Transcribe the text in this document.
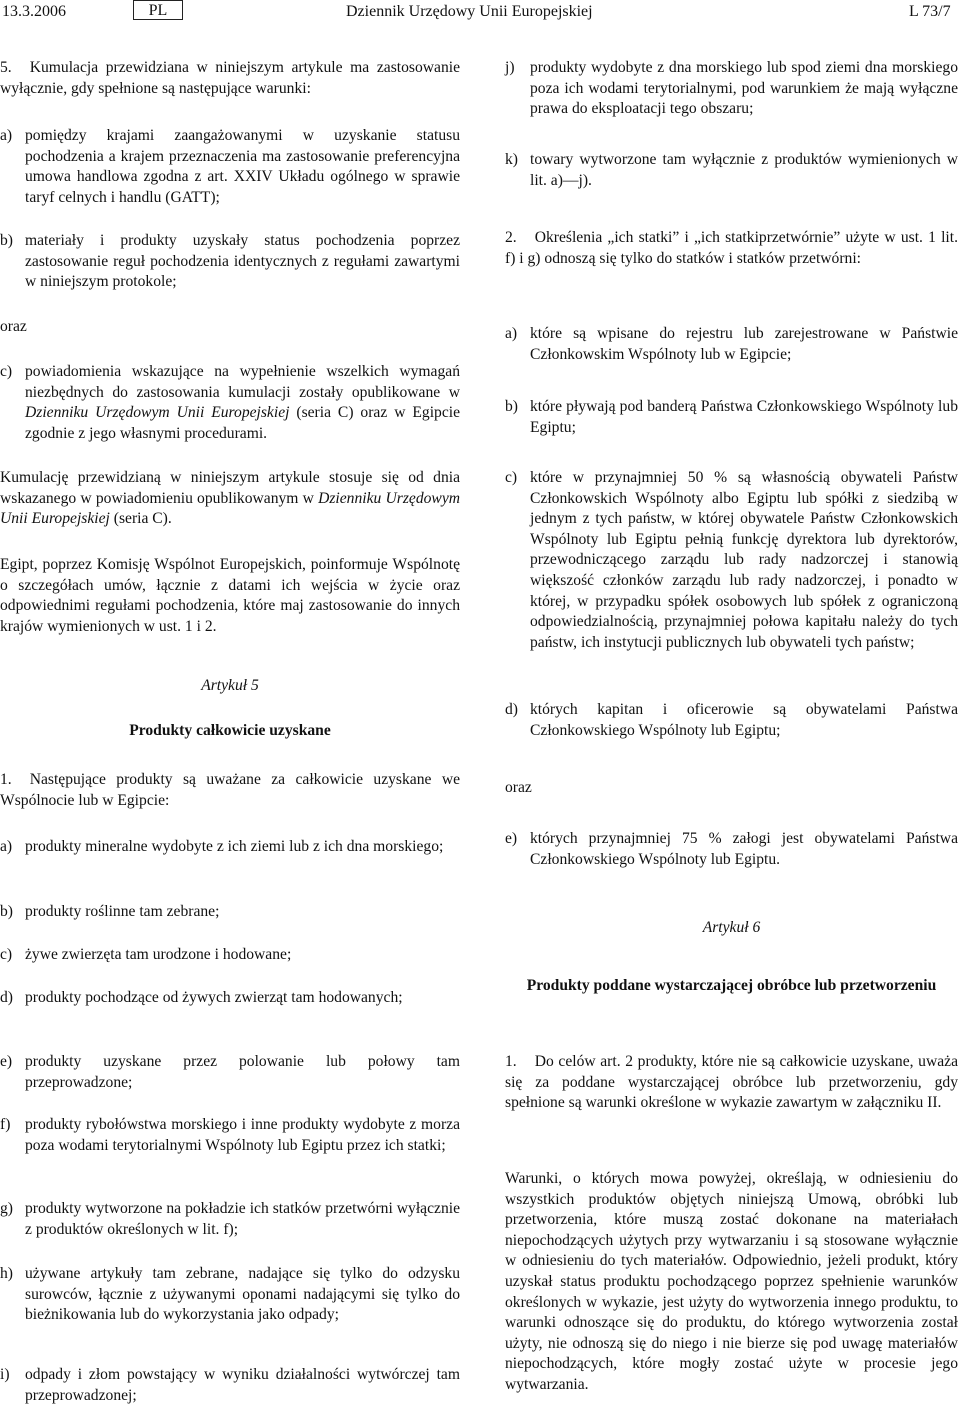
13.3.2006	PL	Dziennik Urzędowy Unii Europejskiej	L 73/7
5. Kumulacja przewidziana w niniejszym artykule ma zastosowanie wyłącznie, gdy spełnione są następujące warunki:
a) pomiędzy krajami zaangażowanymi w uzyskanie statusu pochodzenia a krajem przeznaczenia ma zastosowanie preferencyjna umowa handlowa zgodna z art. XXIV Układu ogólnego w sprawie taryf celnych i handlu (GATT);
b) materiały i produkty uzyskały status pochodzenia poprzez zastosowanie reguł pochodzenia identycznych z regułami zawartymi w niniejszym protokole;
oraz
c) powiadomienia wskazujące na wypełnienie wszelkich wymagań niezbędnych do zastosowania kumulacji zostały opublikowane w Dzienniku Urzędowym Unii Europejskiej (seria C) oraz w Egipcie zgodnie z jego własnymi procedurami.
Kumulację przewidzianą w niniejszym artykule stosuje się od dnia wskazanego w powiadomieniu opublikowanym w Dzienniku Urzędowym Unii Europejskiej (seria C).
Egipt, poprzez Komisję Wspólnot Europejskich, poinformuje Wspólnotę o szczegółach umów, łącznie z datami ich wejścia w życie oraz odpowiednimi regułami pochodzenia, które maj zastosowanie do innych krajów wymienionych w ust. 1 i 2.
Artykuł 5
Produkty całkowicie uzyskane
1. Następujące produkty są uważane za całkowicie uzyskane we Wspólnocie lub w Egipcie:
a) produkty mineralne wydobyte z ich ziemi lub z ich dna morskiego;
b) produkty roślinne tam zebrane;
c) żywe zwierzęta tam urodzone i hodowane;
d) produkty pochodzące od żywych zwierząt tam hodowanych;
e) produkty uzyskane przez polowanie lub połowy tam przeprowadzone;
f) produkty rybołówstwa morskiego i inne produkty wydobyte z morza poza wodami terytorialnymi Wspólnoty lub Egiptu przez ich statki;
g) produkty wytworzone na pokładzie ich statków przetwórni wyłącznie z produktów określonych w lit. f);
h) używane artykuły tam zebrane, nadające się tylko do odzysku surowców, łącznie z używanymi oponami nadającymi się tylko do bieżnikowania lub do wykorzystania jako odpady;
i) odpady i złom powstający w wyniku działalności wytwórczej tam przeprowadzonej;
j) produkty wydobyte z dna morskiego lub spod ziemi dna morskiego poza ich wodami terytorialnymi, pod warunkiem że mają wyłączne prawa do eksploatacji tego obszaru;
k) towary wytworzone tam wyłącznie z produktów wymienionych w lit. a)—j).
2. Określenia „ich statki” i „ich statkiprzetwórnie” użyte w ust. 1 lit. f) i g) odnoszą się tylko do statków i statków przetwórni:
a) które są wpisane do rejestru lub zarejestrowane w Państwie Członkowskim Wspólnoty lub w Egipcie;
b) które pływają pod banderą Państwa Członkowskiego Wspólnoty lub Egiptu;
c) które w przynajmniej 50 % są własnością obywateli Państw Członkowskich Wspólnoty albo Egiptu lub spółki z siedzibą w jednym z tych państw, w której obywatele Państw Członkowskich Wspólnoty lub Egiptu pełnią funkcję dyrektora lub dyrektorów, przewodniczącego zarządu lub rady nadzorczej i stanowią większość członków zarządu lub rady nadzorczej, i ponadto w której, w przypadku spółek osobowych lub spółek z ograniczoną odpowiedzialnością, przynajmniej połowa kapitału należy do tych państw, ich instytucji publicznych lub obywateli tych państw;
d) których kapitan i oficerowie są obywatelami Państwa Członkowskiego Wspólnoty lub Egiptu;
oraz
e) których przynajmniej 75 % załogi jest obywatelami Państwa Członkowskiego Wspólnoty lub Egiptu.
Artykuł 6
Produkty poddane wystarczającej obróbce lub przetworzeniu
1. Do celów art. 2 produkty, które nie są całkowicie uzyskane, uważa się za poddane wystarczającej obróbce lub przetworzeniu, gdy spełnione są warunki określone w wykazie zawartym w załączniku II.
Warunki, o których mowa powyżej, określają, w odniesieniu do wszystkich produktów objętych niniejszą Umową, obróbki lub przetworzenia, które muszą zostać dokonane na materiałach niepochodzących użytych przy wytwarzaniu i są stosowane wyłącznie w odniesieniu do tych materiałów. Odpowiednio, jeżeli produkt, który uzyskał status produktu pochodzącego poprzez spełnienie warunków określonych w wykazie, jest użyty do wytworzenia innego produktu, to warunki odnoszące się do produktu, do którego wytworzenia został użyty, nie odnoszą się do niego i nie bierze się pod uwagę materiałów niepochodzących, które mogły zostać użyte w procesie jego wytwarzania.
